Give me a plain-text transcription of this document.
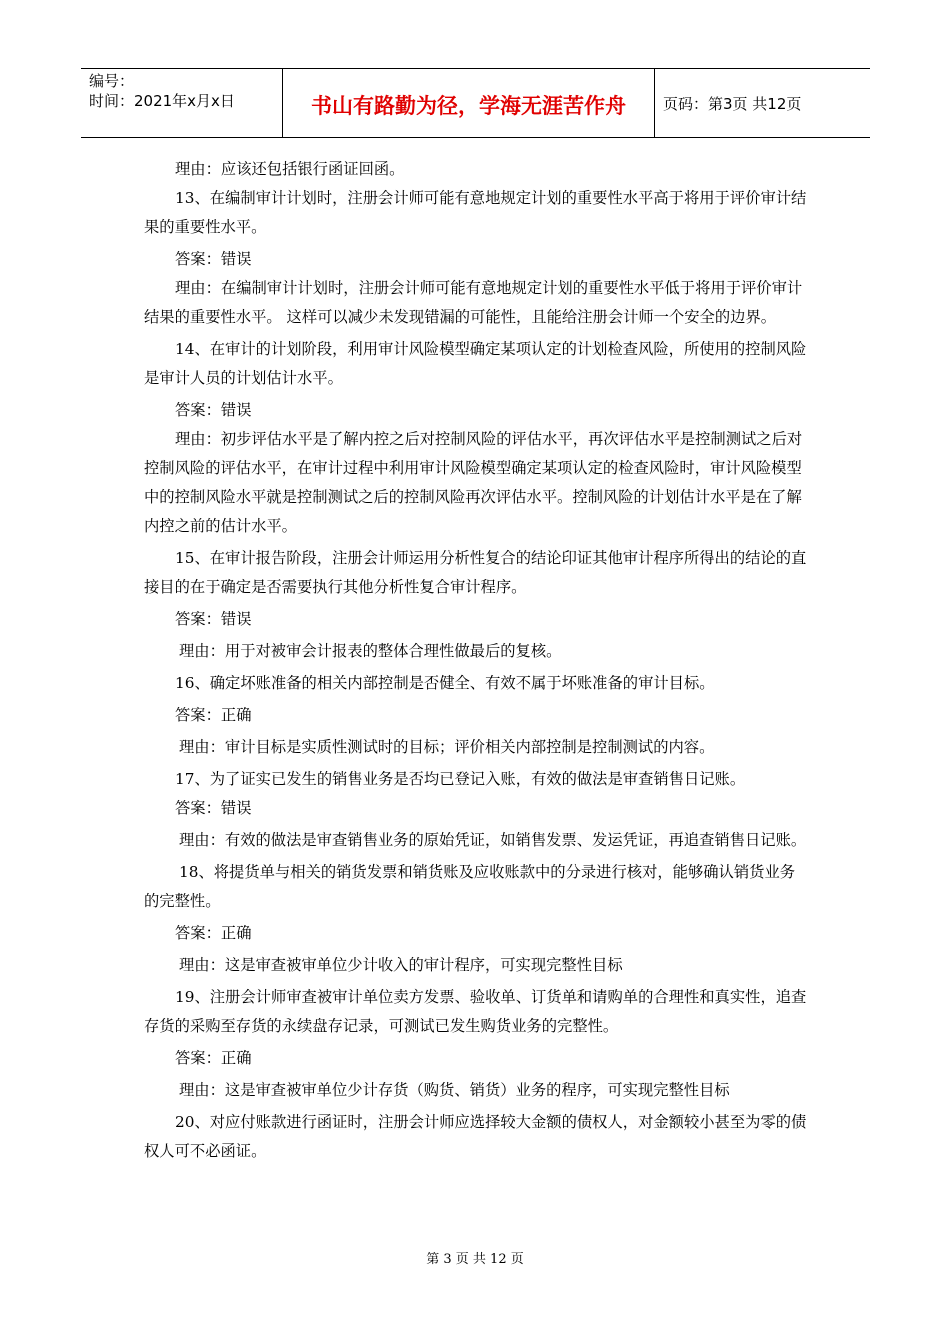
编号：
时间：2021年x月x日	书山有路勤为径，学海无涯苦作舟	页码：第3页 共12页

理由：应该还包括银行函证回函。

13、在编制审计计划时，注册会计师可能有意地规定计划的重要性水平高于将用于评价审计结果的重要性水平。

答案：错误

理由：在编制审计计划时，注册会计师可能有意地规定计划的重要性水平低于将用于评价审计结果的重要性水平。 这样可以减少未发现错漏的可能性，且能给注册会计师一个安全的边界。

14、在审计的计划阶段，利用审计风险模型确定某项认定的计划检查风险，所使用的控制风险是审计人员的计划估计水平。

答案：错误

理由：初步评估水平是了解内控之后对控制风险的评估水平，再次评估水平是控制测试之后对控制风险的评估水平，在审计过程中利用审计风险模型确定某项认定的检查风险时，审计风险模型中的控制风险水平就是控制测试之后的控制风险再次评估水平。控制风险的计划估计水平是在了解内控之前的估计水平。

15、在审计报告阶段，注册会计师运用分析性复合的结论印证其他审计程序所得出的结论的直接目的在于确定是否需要执行其他分析性复合审计程序。

答案：错误

理由：用于对被审会计报表的整体合理性做最后的复核。

16、确定坏账准备的相关内部控制是否健全、有效不属于坏账准备的审计目标。

答案：正确

理由：审计目标是实质性测试时的目标；评价相关内部控制是控制测试的内容。

17、为了证实已发生的销售业务是否均已登记入账，有效的做法是审查销售日记账。

答案：错误

理由：有效的做法是审查销售业务的原始凭证，如销售发票、发运凭证，再追查销售日记账。

18、将提货单与相关的销货发票和销货账及应收账款中的分录进行核对，能够确认销货业务的完整性。

答案：正确

理由：这是审查被审单位少计收入的审计程序，可实现完整性目标

19、注册会计师审查被审计单位卖方发票、验收单、订货单和请购单的合理性和真实性，追查存货的采购至存货的永续盘存记录，可测试已发生购货业务的完整性。

答案：正确

理由：这是审查被审单位少计存货（购货、销货）业务的程序，可实现完整性目标

20、对应付账款进行函证时，注册会计师应选择较大金额的债权人，对金额较小甚至为零的债权人可不必函证。

第 3 页 共 12 页
